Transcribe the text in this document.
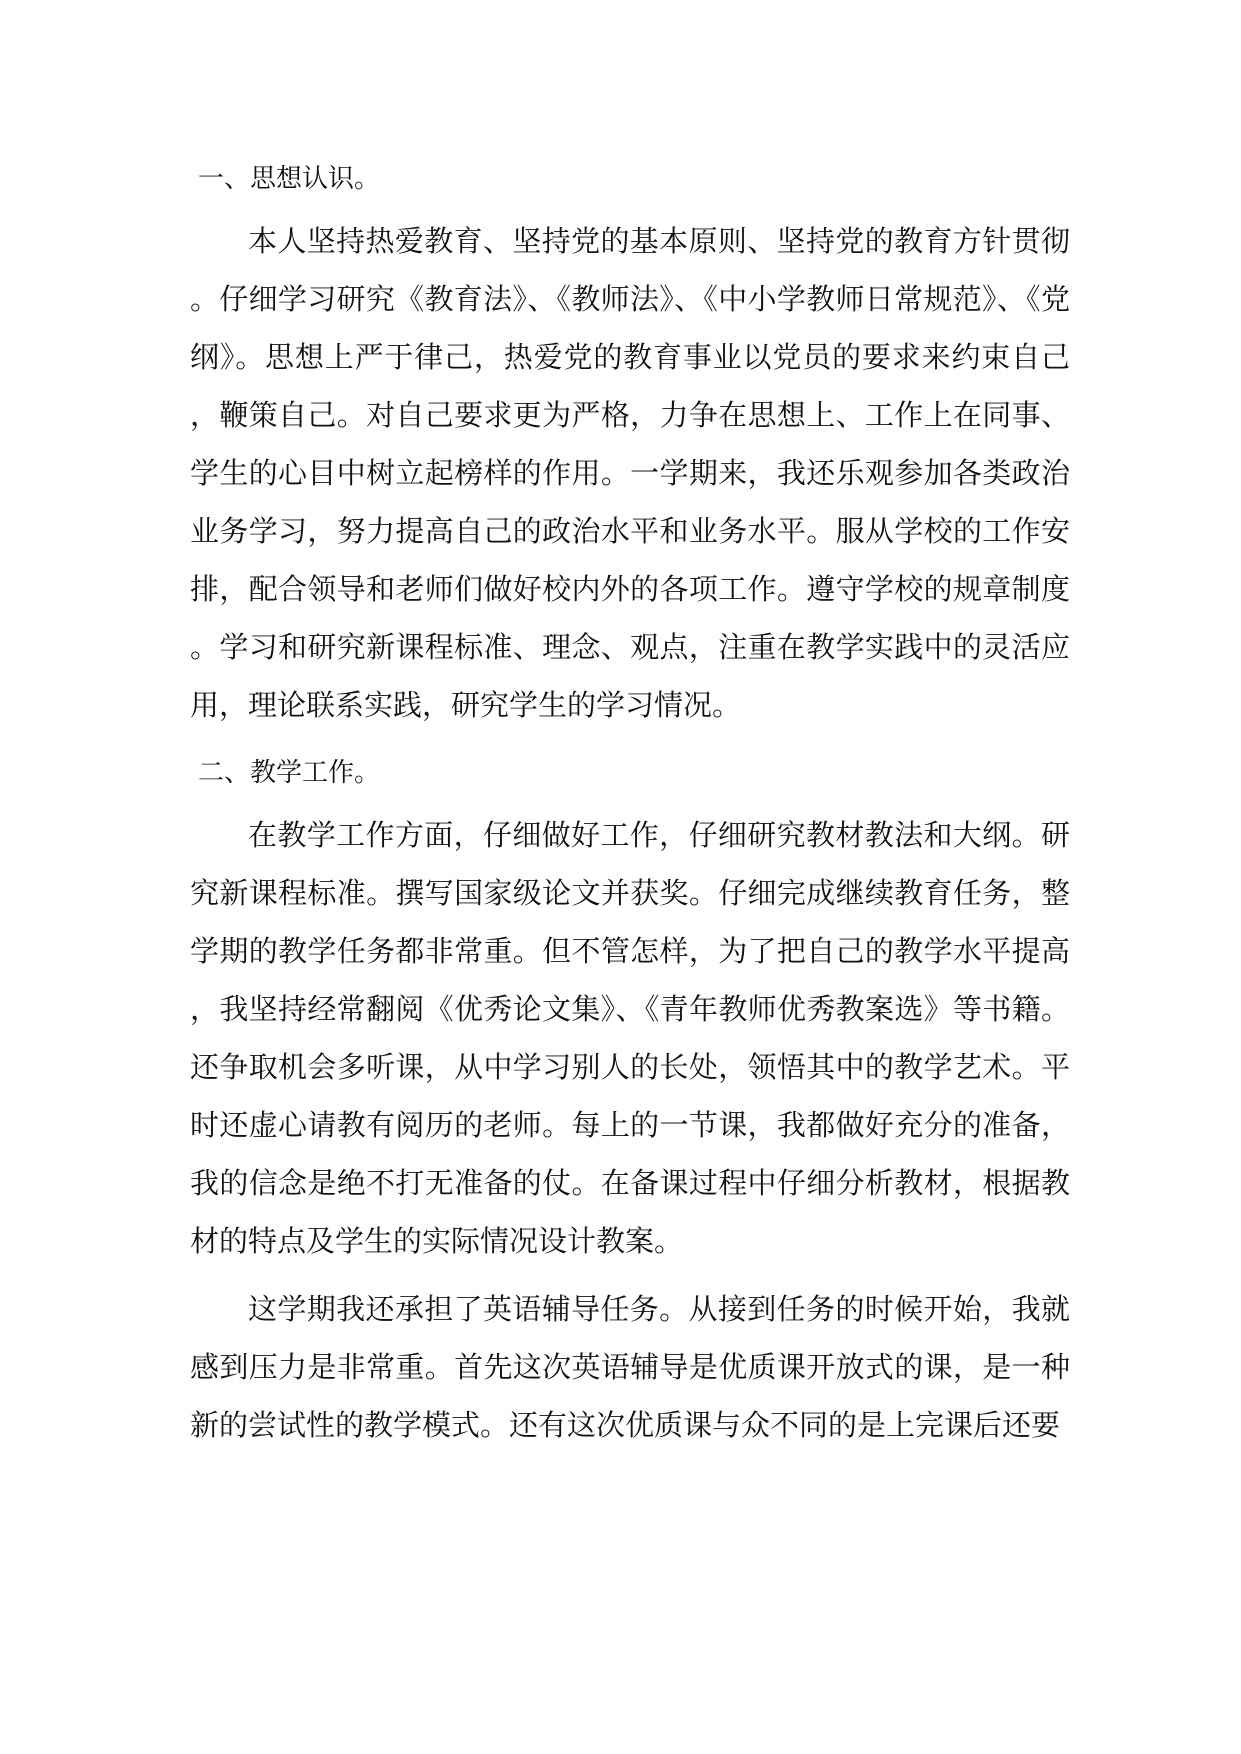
一、思想认识。

本人坚持热爱教育、坚持党的基本原则、坚持党的教育方针贯彻。仔细学习研究《教育法》、《教师法》、《中小学教师日常规范》、《党纲》。思想上严于律己，热爱党的教育事业以党员的要求来约束自己，鞭策自己。对自己要求更为严格，力争在思想上、工作上在同事、学生的心目中树立起榜样的作用。一学期来，我还乐观参加各类政治业务学习，努力提高自己的政治水平和业务水平。服从学校的工作安排，配合领导和老师们做好校内外的各项工作。遵守学校的规章制度。学习和研究新课程标准、理念、观点，注重在教学实践中的灵活应用，理论联系实践，研究学生的学习情况。

二、教学工作。

在教学工作方面，仔细做好工作，仔细研究教材教法和大纲。研究新课程标准。撰写国家级论文并获奖。仔细完成继续教育任务，整学期的教学任务都非常重。但不管怎样，为了把自己的教学水平提高，我坚持经常翻阅《优秀论文集》、《青年教师优秀教案选》等书籍。还争取机会多听课，从中学习别人的长处，领悟其中的教学艺术。平时还虚心请教有阅历的老师。每上的一节课，我都做好充分的准备，我的信念是绝不打无准备的仗。在备课过程中仔细分析教材，根据教材的特点及学生的实际情况设计教案。

这学期我还承担了英语辅导任务。从接到任务的时候开始，我就感到压力是非常重。首先这次英语辅导是优质课开放式的课，是一种新的尝试性的教学模式。还有这次优质课与众不同的是上完课后还要
